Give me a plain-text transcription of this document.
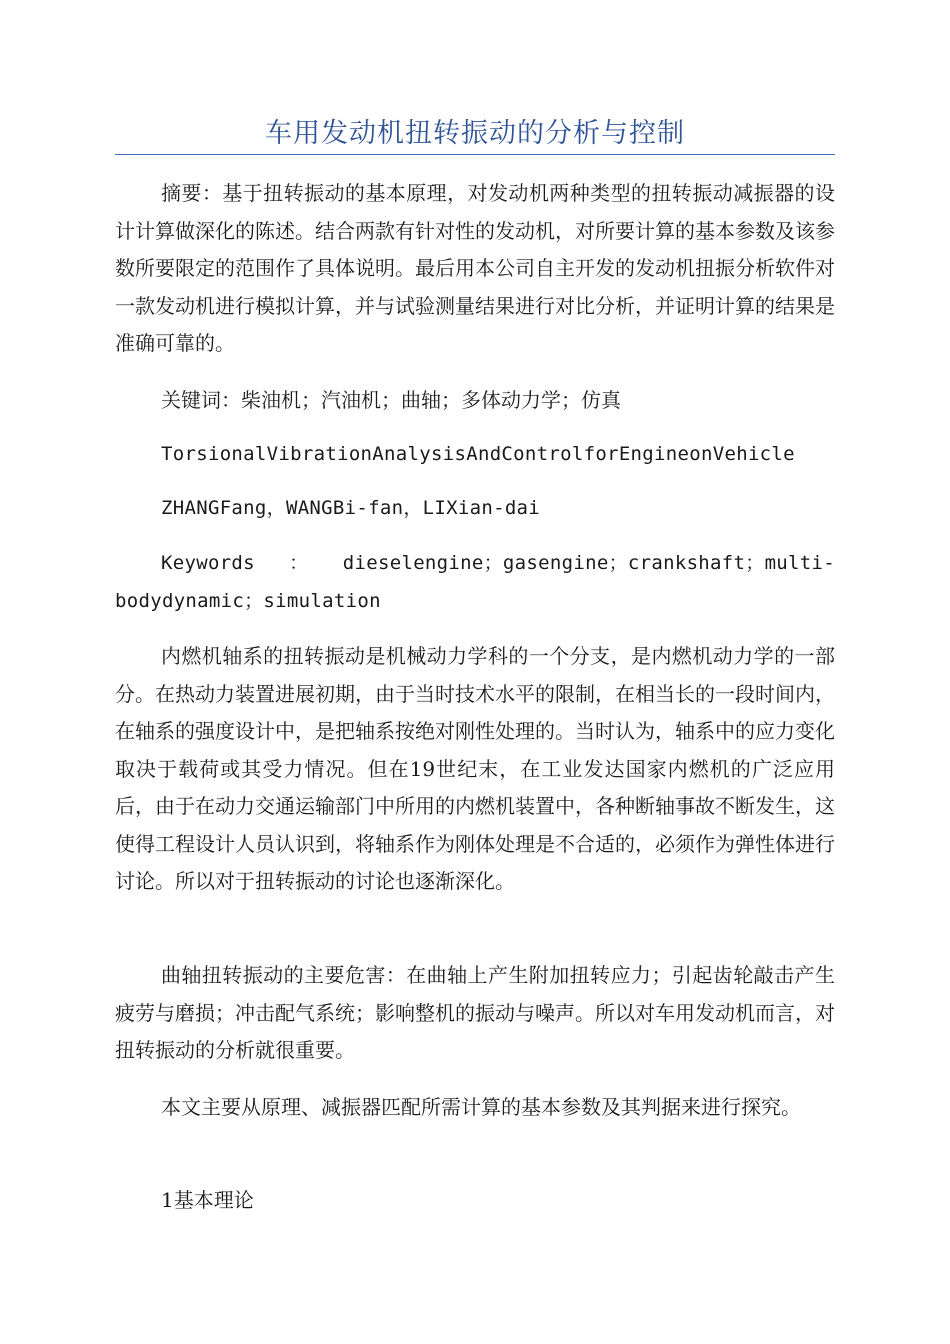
车用发动机扭转振动的分析与控制

摘要：基于扭转振动的基本原理，对发动机两种类型的扭转振动减振器的设计计算做深化的陈述。结合两款有针对性的发动机，对所要计算的基本参数及该参数所要限定的范围作了具体说明。最后用本公司自主开发的发动机扭振分析软件对一款发动机进行模拟计算，并与试验测量结果进行对比分析，并证明计算的结果是准确可靠的。

关键词：柴油机；汽油机；曲轴；多体动力学；仿真

TorsionalVibrationAnalysisAndControlforEngineonVehicle

ZHANGFang，WANGBi-fan，LIXian-dai

Keywords：dieselengine；gasengine；crankshaft；multi-bodydynamic；simulation

内燃机轴系的扭转振动是机械动力学科的一个分支，是内燃机动力学的一部分。在热动力装置进展初期，由于当时技术水平的限制，在相当长的一段时间内，在轴系的强度设计中，是把轴系按绝对刚性处理的。当时认为，轴系中的应力变化取决于载荷或其受力情况。但在19世纪末，在工业发达国家内燃机的广泛应用后，由于在动力交通运输部门中所用的内燃机装置中，各种断轴事故不断发生，这使得工程设计人员认识到，将轴系作为刚体处理是不合适的，必须作为弹性体进行讨论。所以对于扭转振动的讨论也逐渐深化。

曲轴扭转振动的主要危害：在曲轴上产生附加扭转应力；引起齿轮敲击产生疲劳与磨损；冲击配气系统；影响整机的振动与噪声。所以对车用发动机而言，对扭转振动的分析就很重要。

本文主要从原理、减振器匹配所需计算的基本参数及其判据来进行探究。

1基本理论
